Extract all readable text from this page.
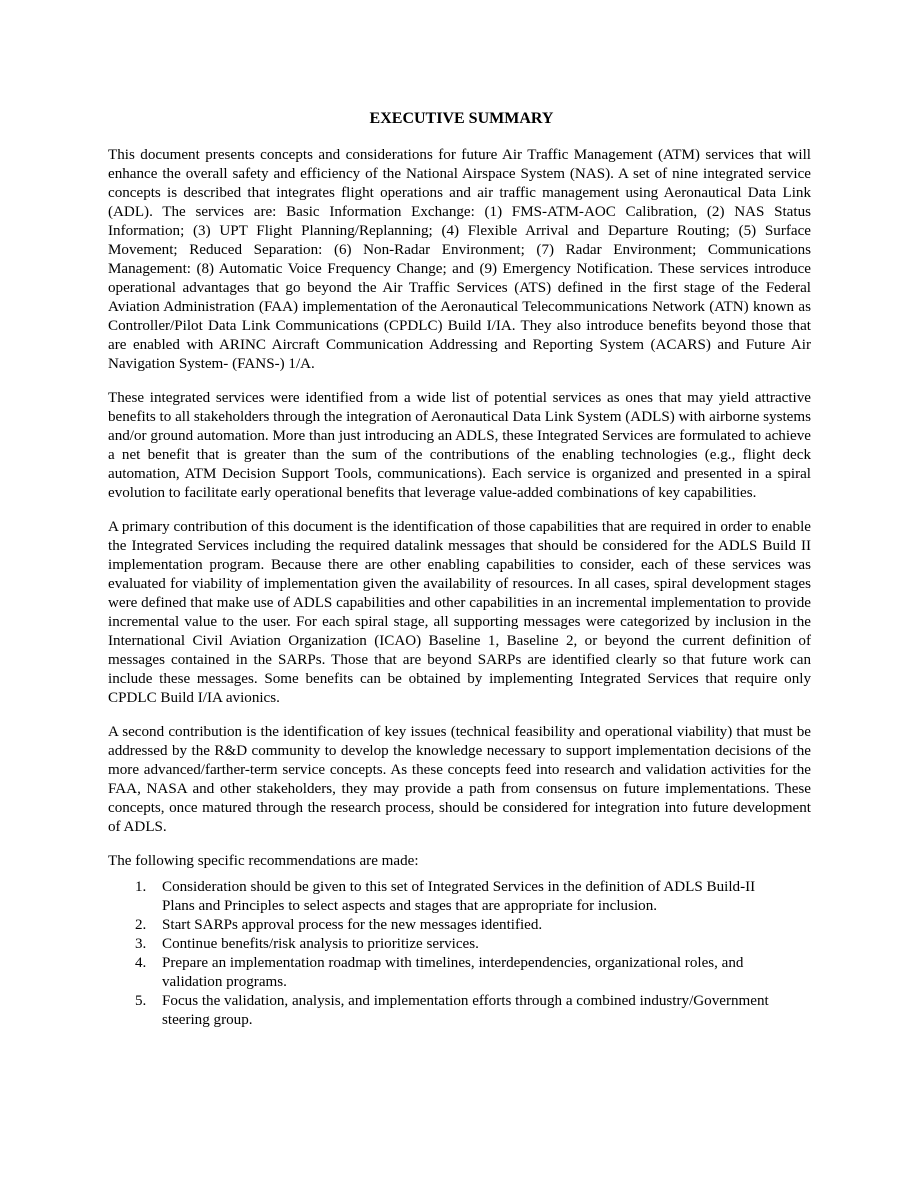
EXECUTIVE SUMMARY

This document presents concepts and considerations for future Air Traffic Management (ATM) services that will enhance the overall safety and efficiency of the National Airspace System (NAS). A set of nine integrated service concepts is described that integrates flight operations and air traffic management using Aeronautical Data Link (ADL). The services are: Basic Information Exchange: (1) FMS-ATM-AOC Calibration, (2) NAS Status Information; (3) UPT Flight Planning/Replanning; (4) Flexible Arrival and Departure Routing; (5) Surface Movement; Reduced Separation: (6) Non-Radar Environment; (7) Radar Environment; Communications Management: (8) Automatic Voice Frequency Change; and (9) Emergency Notification. These services introduce operational advantages that go beyond the Air Traffic Services (ATS) defined in the first stage of the Federal Aviation Administration (FAA) implementation of the Aeronautical Telecommunications Network (ATN) known as Controller/Pilot Data Link Communications (CPDLC) Build I/IA. They also introduce benefits beyond those that are enabled with ARINC Aircraft Communication Addressing and Reporting System (ACARS) and Future Air Navigation System- (FANS-) 1/A.

These integrated services were identified from a wide list of potential services as ones that may yield attractive benefits to all stakeholders through the integration of Aeronautical Data Link System (ADLS) with airborne systems and/or ground automation. More than just introducing an ADLS, these Integrated Services are formulated to achieve a net benefit that is greater than the sum of the contributions of the enabling technologies (e.g., flight deck automation, ATM Decision Support Tools, communications). Each service is organized and presented in a spiral evolution to facilitate early operational benefits that leverage value-added combinations of key capabilities.

A primary contribution of this document is the identification of those capabilities that are required in order to enable the Integrated Services including the required datalink messages that should be considered for the ADLS Build II implementation program. Because there are other enabling capabilities to consider, each of these services was evaluated for viability of implementation given the availability of resources. In all cases, spiral development stages were defined that make use of ADLS capabilities and other capabilities in an incremental implementation to provide incremental value to the user. For each spiral stage, all supporting messages were categorized by inclusion in the International Civil Aviation Organization (ICAO) Baseline 1, Baseline 2, or beyond the current definition of messages contained in the SARPs. Those that are beyond SARPs are identified clearly so that future work can include these messages. Some benefits can be obtained by implementing Integrated Services that require only CPDLC Build I/IA avionics.

A second contribution is the identification of key issues (technical feasibility and operational viability) that must be addressed by the R&D community to develop the knowledge necessary to support implementation decisions of the more advanced/farther-term service concepts. As these concepts feed into research and validation activities for the FAA, NASA and other stakeholders, they may provide a path from consensus on future implementations. These concepts, once matured through the research process, should be considered for integration into future development of ADLS.

The following specific recommendations are made:

1. Consideration should be given to this set of Integrated Services in the definition of ADLS Build-II Plans and Principles to select aspects and stages that are appropriate for inclusion.
2. Start SARPs approval process for the new messages identified.
3. Continue benefits/risk analysis to prioritize services.
4. Prepare an implementation roadmap with timelines, interdependencies, organizational roles, and validation programs.
5. Focus the validation, analysis, and implementation efforts through a combined industry/Government steering group.
